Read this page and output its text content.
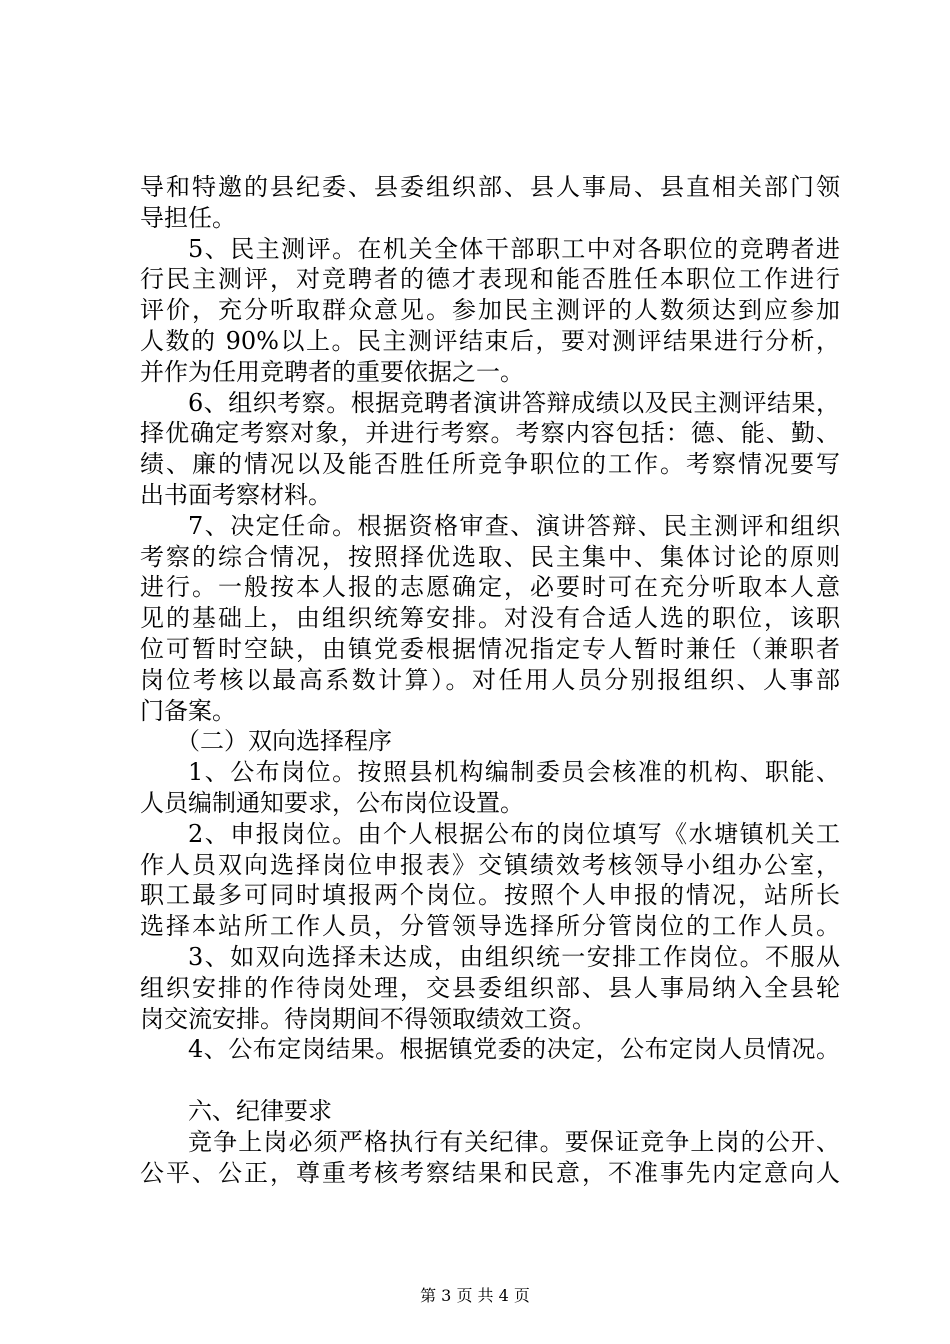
导和特邀的县纪委、县委组织部、县人事局、县直相关部门领

导担任。

5、民主测评。在机关全体干部职工中对各职位的竞聘者进

行民主测评，对竞聘者的德才表现和能否胜任本职位工作进行

评价，充分听取群众意见。参加民主测评的人数须达到应参加

人数的 90%以上。民主测评结束后，要对测评结果进行分析，

并作为任用竞聘者的重要依据之一。

6、组织考察。根据竞聘者演讲答辩成绩以及民主测评结果，

择优确定考察对象，并进行考察。考察内容包括：德、能、勤、

绩、廉的情况以及能否胜任所竞争职位的工作。考察情况要写

出书面考察材料。

7、决定任命。根据资格审查、演讲答辩、民主测评和组织

考察的综合情况，按照择优选取、民主集中、集体讨论的原则

进行。一般按本人报的志愿确定，必要时可在充分听取本人意

见的基础上，由组织统筹安排。对没有合适人选的职位，该职

位可暂时空缺，由镇党委根据情况指定专人暂时兼任（兼职者

岗位考核以最高系数计算）。对任用人员分别报组织、人事部

门备案。

（二）双向选择程序

1、公布岗位。按照县机构编制委员会核准的机构、职能、

人员编制通知要求，公布岗位设置。

2、申报岗位。由个人根据公布的岗位填写《水塘镇机关工

作人员双向选择岗位申报表》交镇绩效考核领导小组办公室，

职工最多可同时填报两个岗位。按照个人申报的情况，站所长

选择本站所工作人员，分管领导选择所分管岗位的工作人员。

3、如双向选择未达成，由组织统一安排工作岗位。不服从

组织安排的作待岗处理，交县委组织部、县人事局纳入全县轮

岗交流安排。待岗期间不得领取绩效工资。

4、公布定岗结果。根据镇党委的决定，公布定岗人员情况。

六、纪律要求

竞争上岗必须严格执行有关纪律。要保证竞争上岗的公开、

公平、公正，尊重考核考察结果和民意，不准事先内定意向人

第 3 页 共 4 页
